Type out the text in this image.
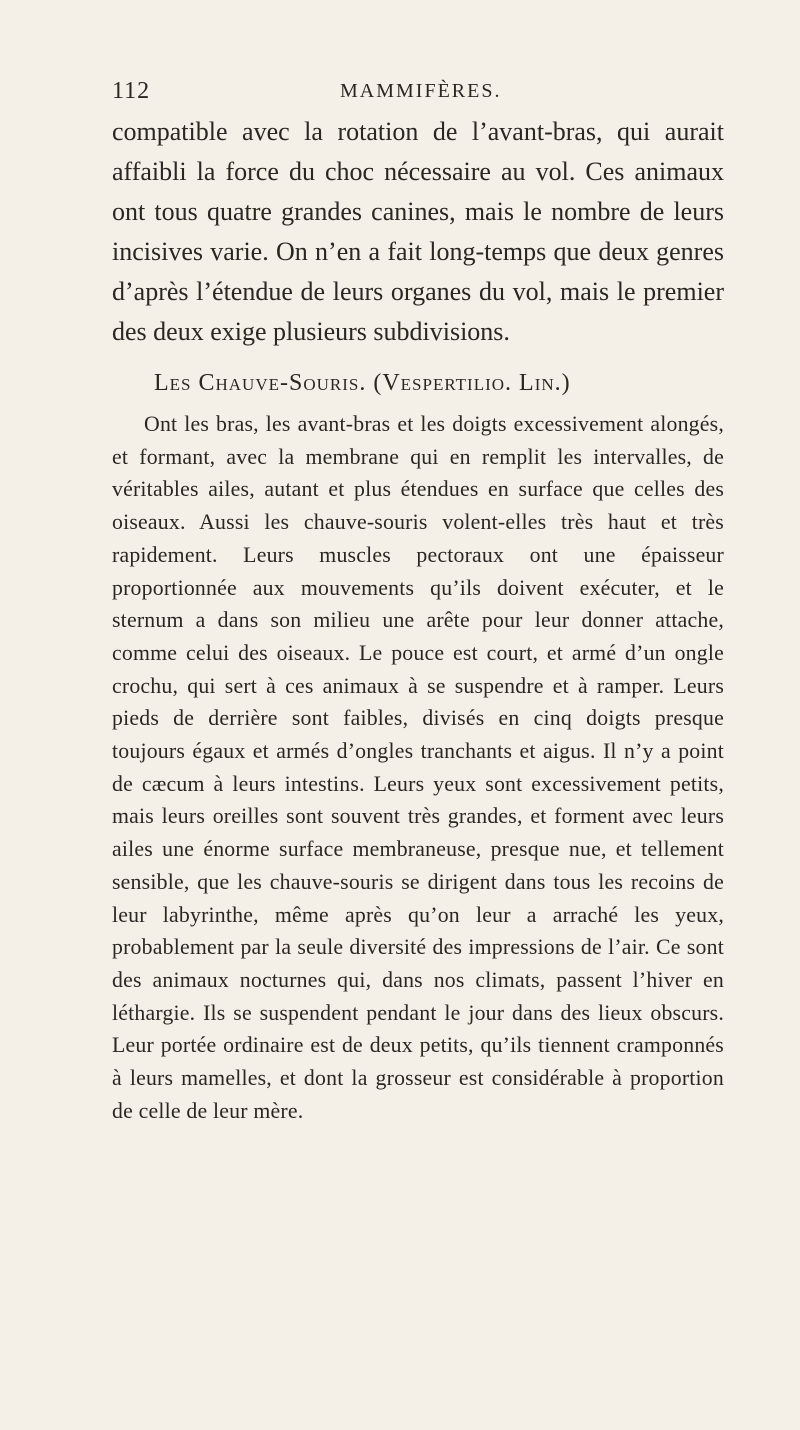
112	MAMMIFÈRES.

compatible avec la rotation de l’avant-bras, qui aurait affaibli la force du choc nécessaire au vol. Ces animaux ont tous quatre grandes canines, mais le nombre de leurs incisives varie. On n’en a fait long-temps que deux genres d’après l’étendue de leurs organes du vol, mais le premier des deux exige plusieurs subdivisions.

Les Chauve-Souris. (Vespertilio. Lin.)

Ont les bras, les avant-bras et les doigts excessivement alongés, et formant, avec la membrane qui en remplit les intervalles, de véritables ailes, autant et plus étendues en surface que celles des oiseaux. Aussi les chauve-souris volent-elles très haut et très rapidement. Leurs muscles pectoraux ont une épaisseur proportionnée aux mouvements qu’ils doivent exécuter, et le sternum a dans son milieu une arête pour leur donner attache, comme celui des oiseaux. Le pouce est court, et armé d’un ongle crochu, qui sert à ces animaux à se suspendre et à ramper. Leurs pieds de derrière sont faibles, divisés en cinq doigts presque toujours égaux et armés d’ongles tranchants et aigus. Il n’y a point de cæcum à leurs intestins. Leurs yeux sont excessivement petits, mais leurs oreilles sont souvent très grandes, et forment avec leurs ailes une énorme surface membraneuse, presque nue, et tellement sensible, que les chauve-souris se dirigent dans tous les recoins de leur labyrinthe, même après qu’on leur a arraché les yeux, probablement par la seule diversité des impressions de l’air. Ce sont des animaux nocturnes qui, dans nos climats, passent l’hiver en léthargie. Ils se suspendent pendant le jour dans des lieux obscurs. Leur portée ordinaire est de deux petits, qu’ils tiennent cramponnés à leurs mamelles, et dont la grosseur est considérable à proportion de celle de leur mère.
